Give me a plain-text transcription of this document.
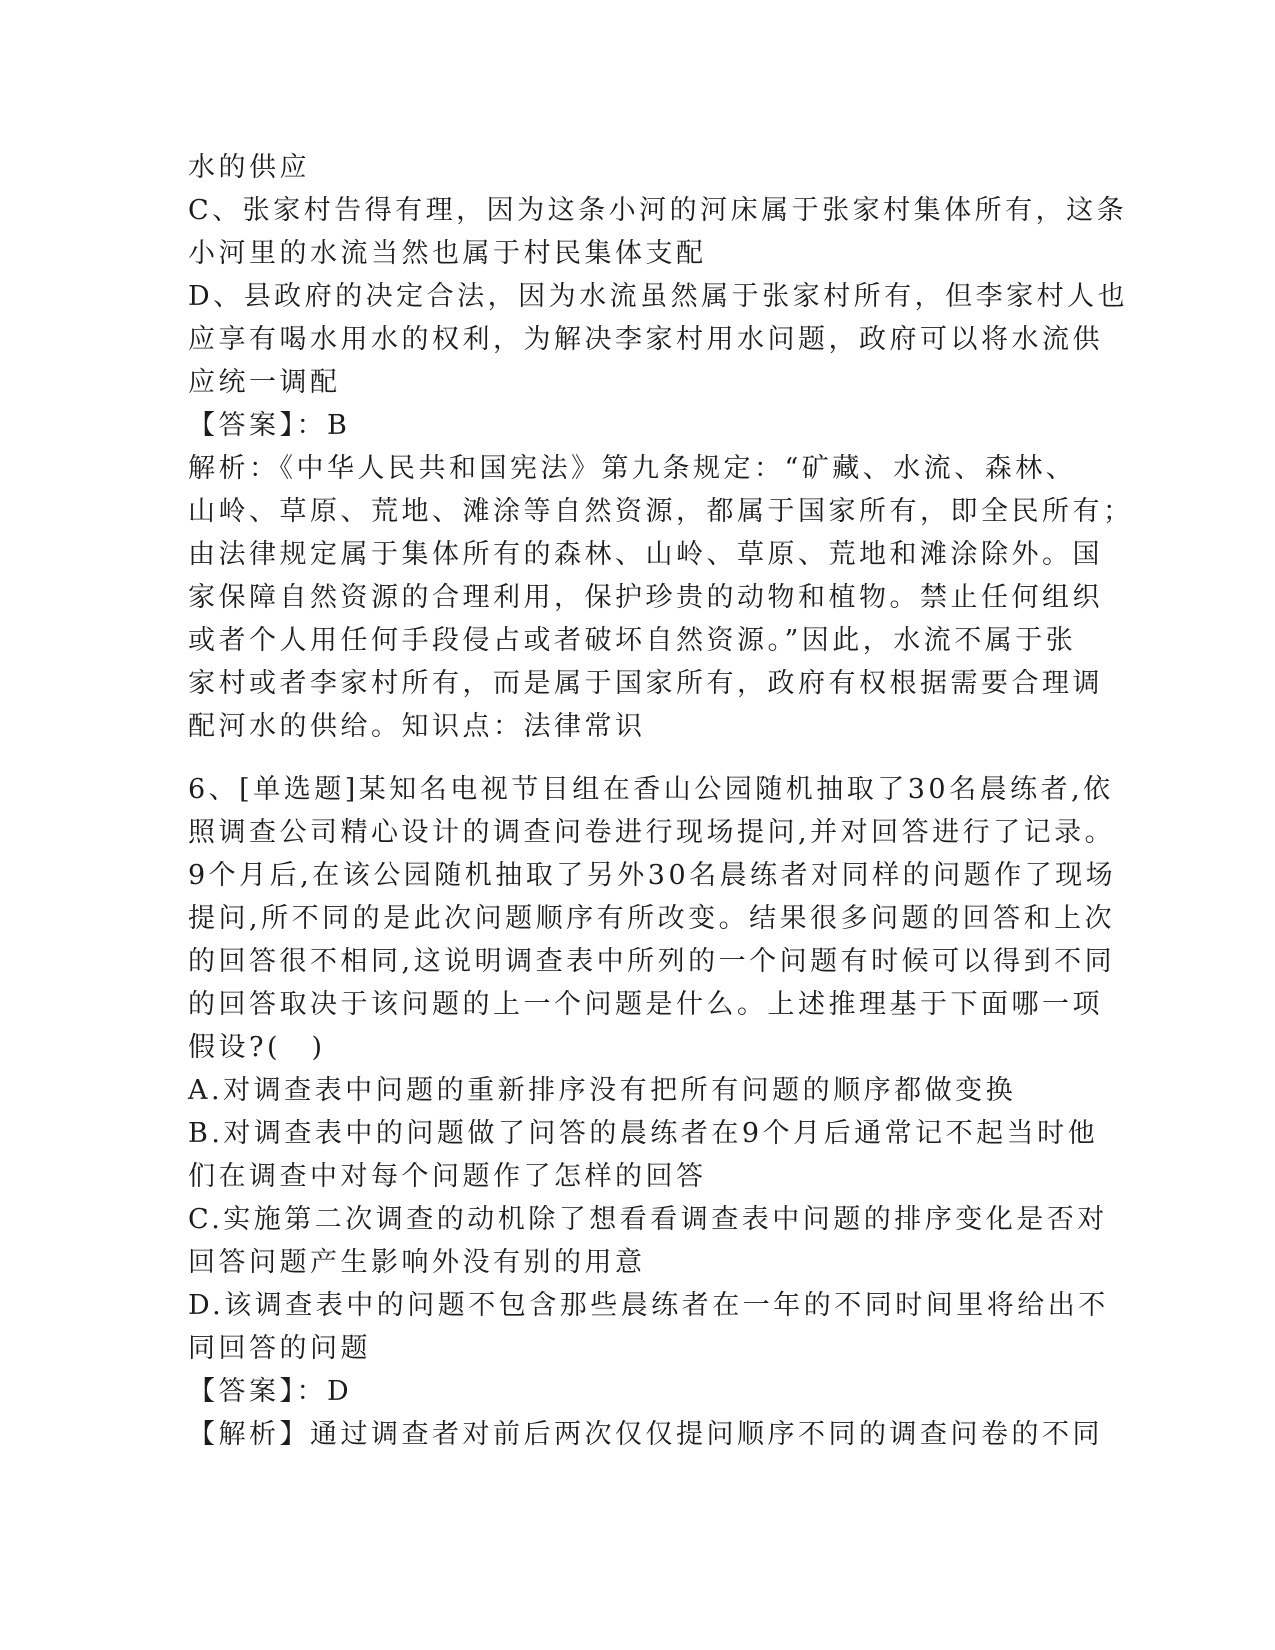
水的供应
C、张家村告得有理，因为这条小河的河床属于张家村集体所有，这条
小河里的水流当然也属于村民集体支配
D、县政府的决定合法，因为水流虽然属于张家村所有，但李家村人也
应享有喝水用水的权利，为解决李家村用水问题，政府可以将水流供
应统一调配
【答案】：B
解析：《中华人民共和国宪法》第九条规定：“矿藏、水流、森林、
山岭、草原、荒地、滩涂等自然资源，都属于国家所有，即全民所有；
由法律规定属于集体所有的森林、山岭、草原、荒地和滩涂除外。国
家保障自然资源的合理利用，保护珍贵的动物和植物。禁止任何组织
或者个人用任何手段侵占或者破坏自然资源。”因此，水流不属于张
家村或者李家村所有，而是属于国家所有，政府有权根据需要合理调
配河水的供给。知识点：法律常识
6、[单选题]某知名电视节目组在香山公园随机抽取了30名晨练者,依
照调查公司精心设计的调查问卷进行现场提问,并对回答进行了记录。
9个月后,在该公园随机抽取了另外30名晨练者对同样的问题作了现场
提问,所不同的是此次问题顺序有所改变。结果很多问题的回答和上次
的回答很不相同,这说明调查表中所列的一个问题有时候可以得到不同
的回答取决于该问题的上一个问题是什么。上述推理基于下面哪一项
假设?(　)
A.对调查表中问题的重新排序没有把所有问题的顺序都做变换
B.对调查表中的问题做了问答的晨练者在9个月后通常记不起当时他
们在调查中对每个问题作了怎样的回答
C.实施第二次调查的动机除了想看看调查表中问题的排序变化是否对
回答问题产生影响外没有别的用意
D.该调查表中的问题不包含那些晨练者在一年的不同时间里将给出不
同回答的问题
【答案】：D
【解析】通过调查者对前后两次仅仅提问顺序不同的调查问卷的不同
